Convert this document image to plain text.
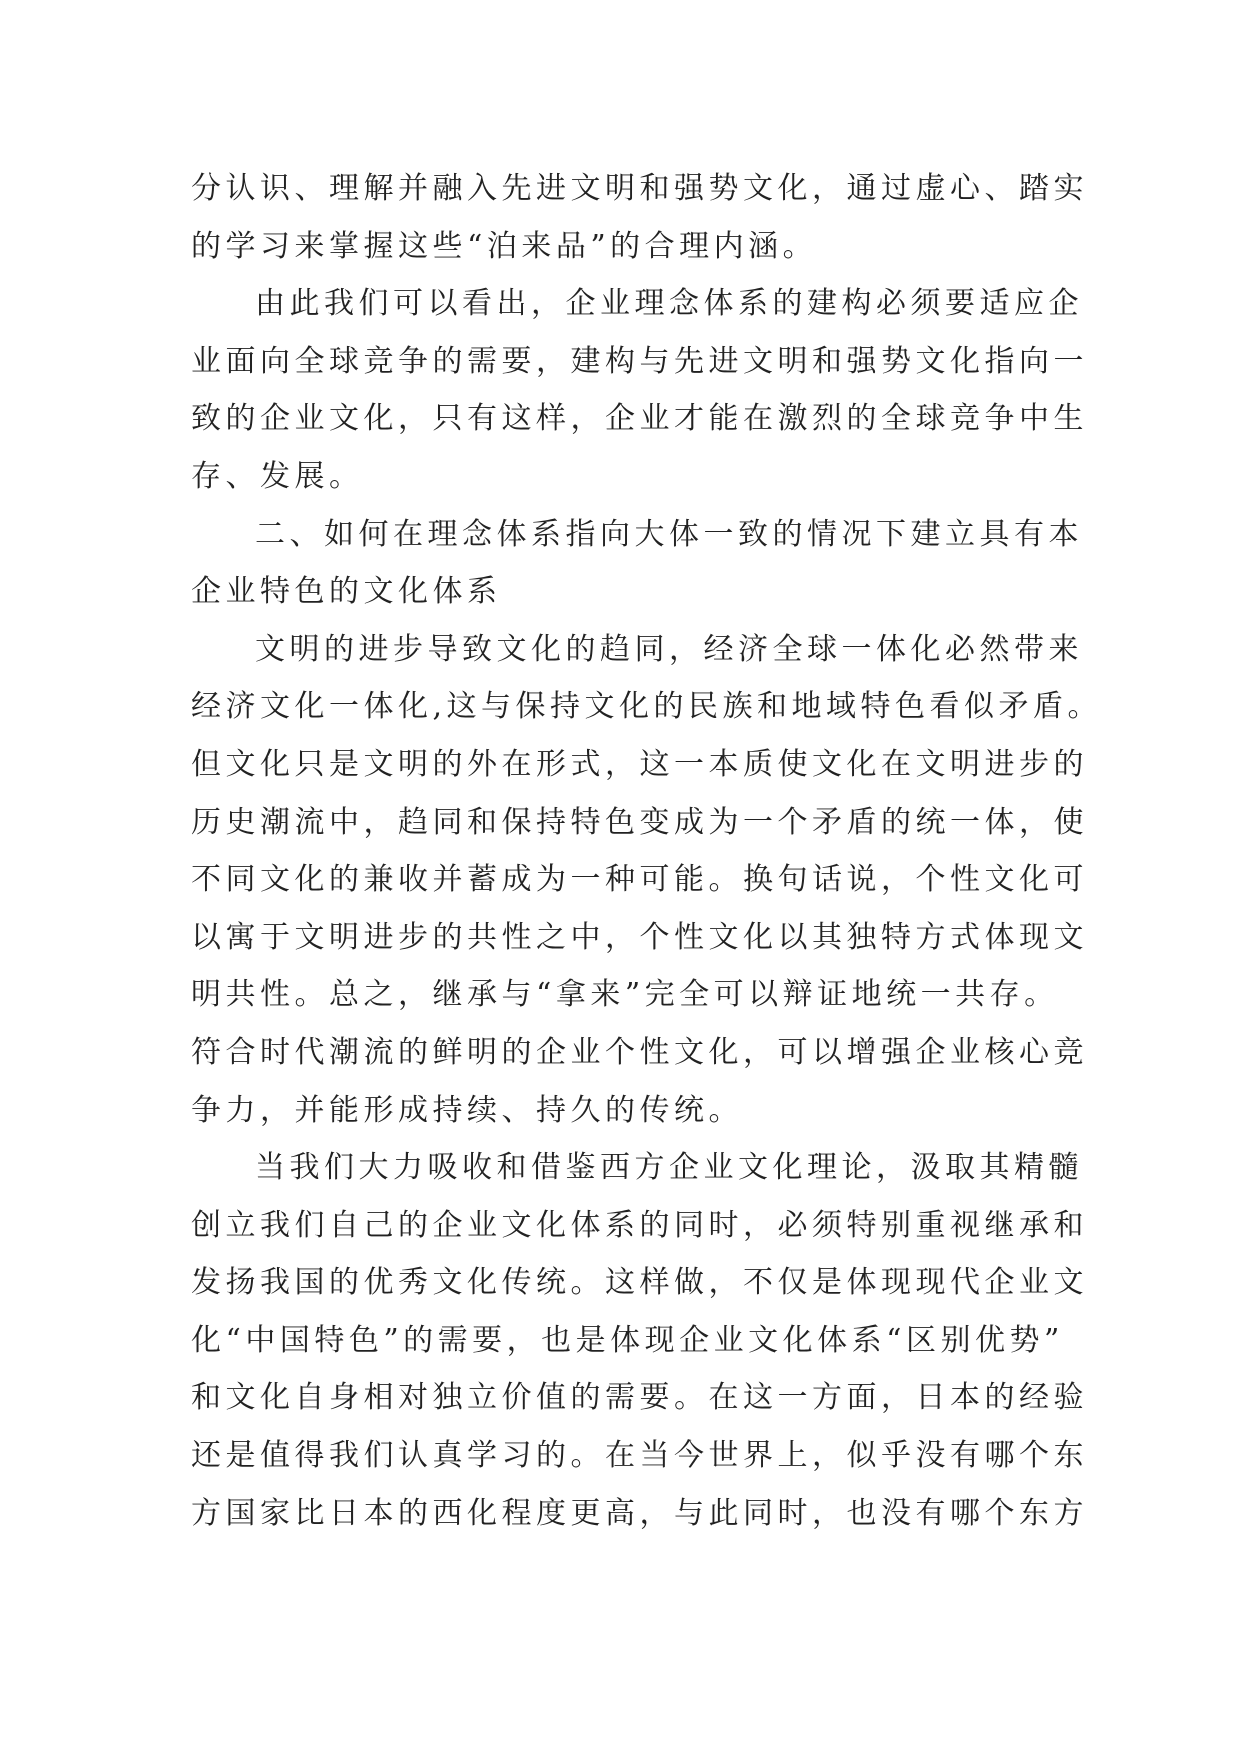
分认识、理解并融入先进文明和强势文化，通过虚心、踏实
的学习来掌握这些“泊来品”的合理内涵。
由此我们可以看出，企业理念体系的建构必须要适应企
业面向全球竞争的需要，建构与先进文明和强势文化指向一
致的企业文化，只有这样，企业才能在激烈的全球竞争中生
存、发展。
二、如何在理念体系指向大体一致的情况下建立具有本
企业特色的文化体系
文明的进步导致文化的趋同，经济全球一体化必然带来
经济文化一体化,这与保持文化的民族和地域特色看似矛盾。
但文化只是文明的外在形式，这一本质使文化在文明进步的
历史潮流中，趋同和保持特色变成为一个矛盾的统一体，使
不同文化的兼收并蓄成为一种可能。换句话说，个性文化可
以寓于文明进步的共性之中，个性文化以其独特方式体现文
明共性。总之，继承与“拿来”完全可以辩证地统一共存。
符合时代潮流的鲜明的企业个性文化，可以增强企业核心竞
争力，并能形成持续、持久的传统。
当我们大力吸收和借鉴西方企业文化理论，汲取其精髓
创立我们自己的企业文化体系的同时，必须特别重视继承和
发扬我国的优秀文化传统。这样做，不仅是体现现代企业文
化“中国特色”的需要，也是体现企业文化体系“区别优势”
和文化自身相对独立价值的需要。在这一方面，日本的经验
还是值得我们认真学习的。在当今世界上，似乎没有哪个东
方国家比日本的西化程度更高，与此同时，也没有哪个东方
